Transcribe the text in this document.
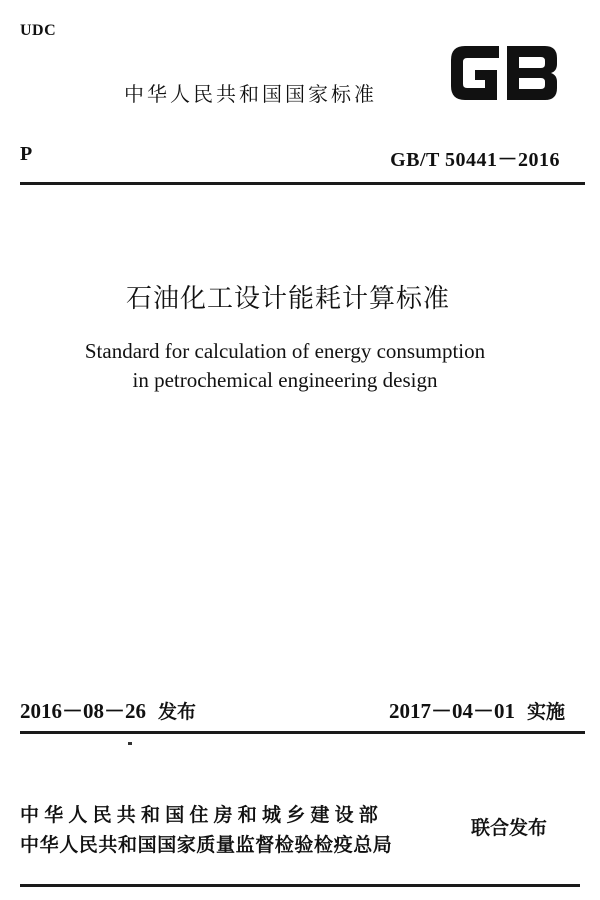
UDC
中华人民共和国国家标准
P	GB/T 50441－2016
石油化工设计能耗计算标准
Standard for calculation of energy consumption
in petrochemical engineering design
2016－08－26 发布	2017－04－01 实施
中华人民共和国住房和城乡建设部
中华人民共和国国家质量监督检验检疫总局
联合发布
